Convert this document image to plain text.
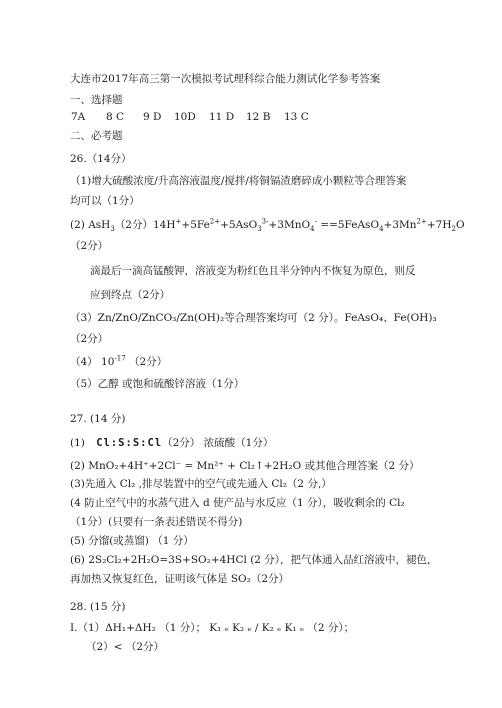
大连市2017年高三第一次模拟考试理科综合能力测试化学参考答案
一、选择题
7A 8 C 9 D 10D 11 D 12 B 13 C
二、必考题
26.（14分）
（1)增大硫酸浓度/升高溶液温度/搅拌/将铜镉渣磨碎成小颗粒等合理答案
均可以（1分）
(2) AsH$_3$（2分）$14H^++5Fe^{2+}+5AsO_3^{3-}+3MnO_4^-$ $==5FeAsO_4+3Mn^{2+}+7H_2O$
（2分）
滴最后一滴高锰酸钾，溶液变为粉红色且半分钟内不恢复为原色，则反
应到终点（2分）
（3）Zn/ZnO/ZnCO₃/Zn(OH)₂等合理答案均可（2 分）。FeAsO₄、Fe(OH)₃
（2分）
（4） $10^{-17}$ （2分）
（5）乙醇 或饱和硫酸锌溶液（1分）
27. (14 分)
(1) Cl:S:S:Cl（2分） 浓硫酸（1分）
(2) MnO₂+4H⁺+2Cl⁻ = Mn²⁺ + Cl₂↑+2H₂O 或其他合理答案（2 分）
(3)先通入 Cl₂ ,排尽装置中的空气或先通入 Cl₂（2 分,）
(4 防止空气中的水蒸气进入 d 使产品与水反应（1 分），吸收剩余的 Cl₂
（1分）(只要有一条表述错误不得分)
(5) 分馏(或蒸馏) （1 分）
(6) 2S₂Cl₂+2H₂O=3S+SO₂+4HCl (2 分），把气体通入品红溶液中，褪色，
再加热又恢复红色，证明该气体是 SO₂（2分）
28. (15 分)
Ⅰ.（1）ΔH₁+ΔH₂ （1 分）； K₁ ₑ K₂ ₑ / K₂ ₑ K₁ ₑ （2 分）；
（2）< （2分）
